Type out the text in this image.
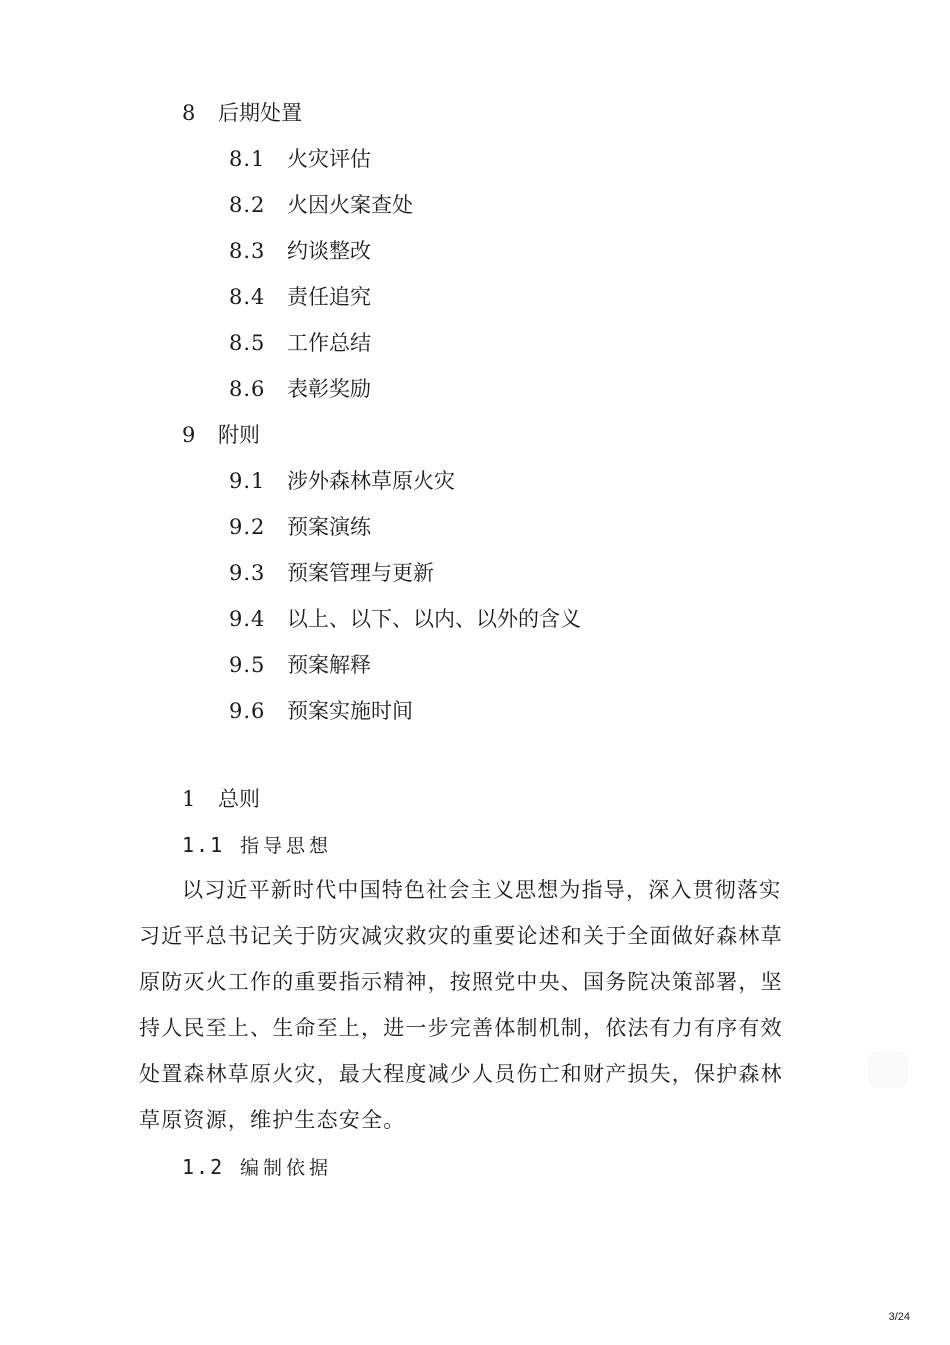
8 后期处置
8.1 火灾评估
8.2 火因火案查处
8.3 约谈整改
8.4 责任追究
8.5 工作总结
8.6 表彰奖励
9 附则
9.1 涉外森林草原火灾
9.2 预案演练
9.3 预案管理与更新
9.4 以上、以下、以内、以外的含义
9.5 预案解释
9.6 预案实施时间
1 总则
1.1 指导思想
以习近平新时代中国特色社会主义思想为指导，深入贯彻落实
习近平总书记关于防灾减灾救灾的重要论述和关于全面做好森林草
原防灭火工作的重要指示精神，按照党中央、国务院决策部署，坚
持人民至上、生命至上，进一步完善体制机制，依法有力有序有效
处置森林草原火灾，最大程度减少人员伤亡和财产损失，保护森林
草原资源，维护生态安全。
1.2 编制依据
3/24
